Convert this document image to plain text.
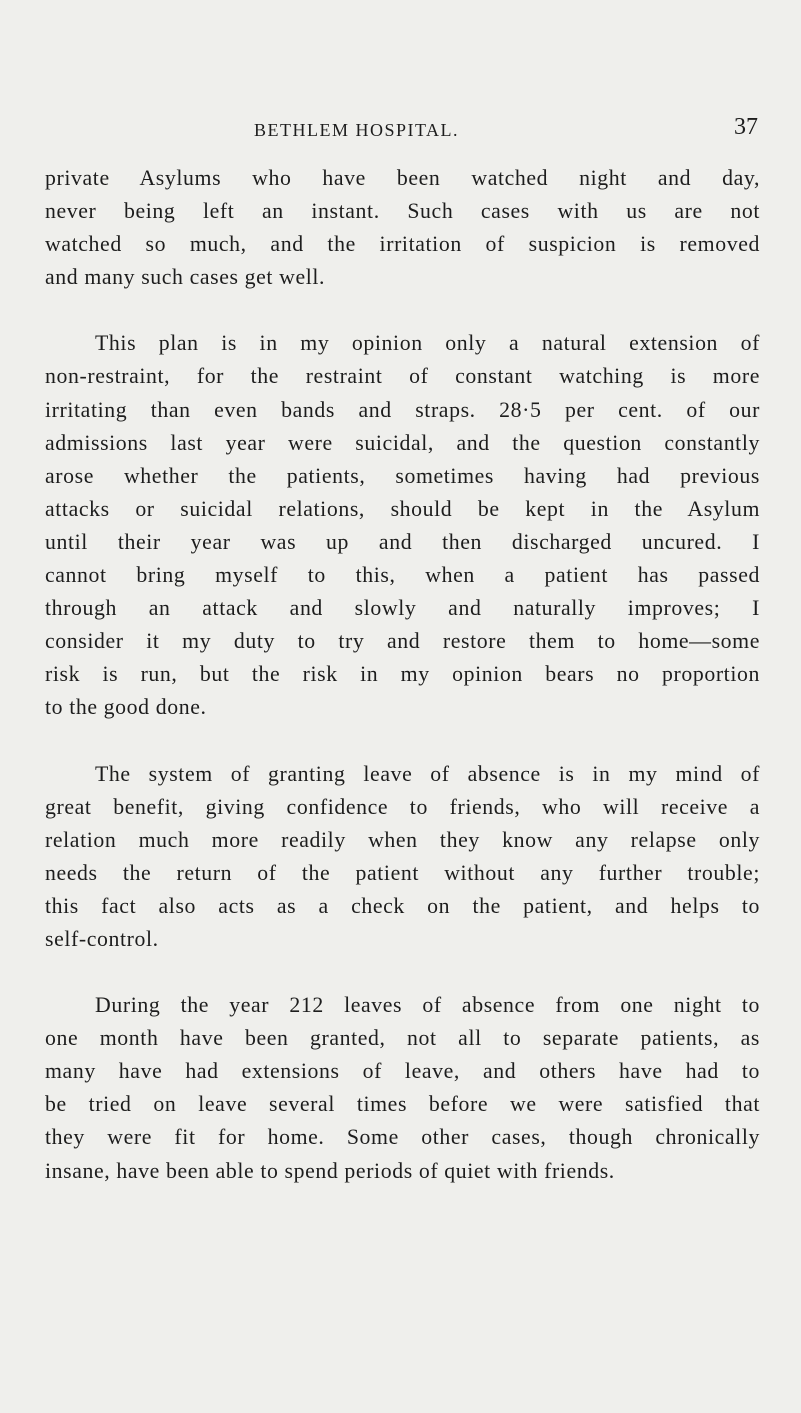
BETHLEM HOSPITAL.	37

private Asylums who have been watched night and day,
never being left an instant. Such cases with us are not
watched so much, and the irritation of suspicion is removed
and many such cases get well.

This plan is in my opinion only a natural extension of
non-restraint, for the restraint of constant watching is more
irritating than even bands and straps. 28·5 per cent. of our
admissions last year were suicidal, and the question constantly
arose whether the patients, sometimes having had previous
attacks or suicidal relations, should be kept in the Asylum
until their year was up and then discharged uncured. I
cannot bring myself to this, when a patient has passed
through an attack and slowly and naturally improves; I
consider it my duty to try and restore them to home—some
risk is run, but the risk in my opinion bears no proportion
to the good done.

The system of granting leave of absence is in my mind of
great benefit, giving confidence to friends, who will receive a
relation much more readily when they know any relapse only
needs the return of the patient without any further trouble;
this fact also acts as a check on the patient, and helps to
self-control.

During the year 212 leaves of absence from one night to
one month have been granted, not all to separate patients, as
many have had extensions of leave, and others have had to
be tried on leave several times before we were satisfied that
they were fit for home. Some other cases, though chronically
insane, have been able to spend periods of quiet with friends.
